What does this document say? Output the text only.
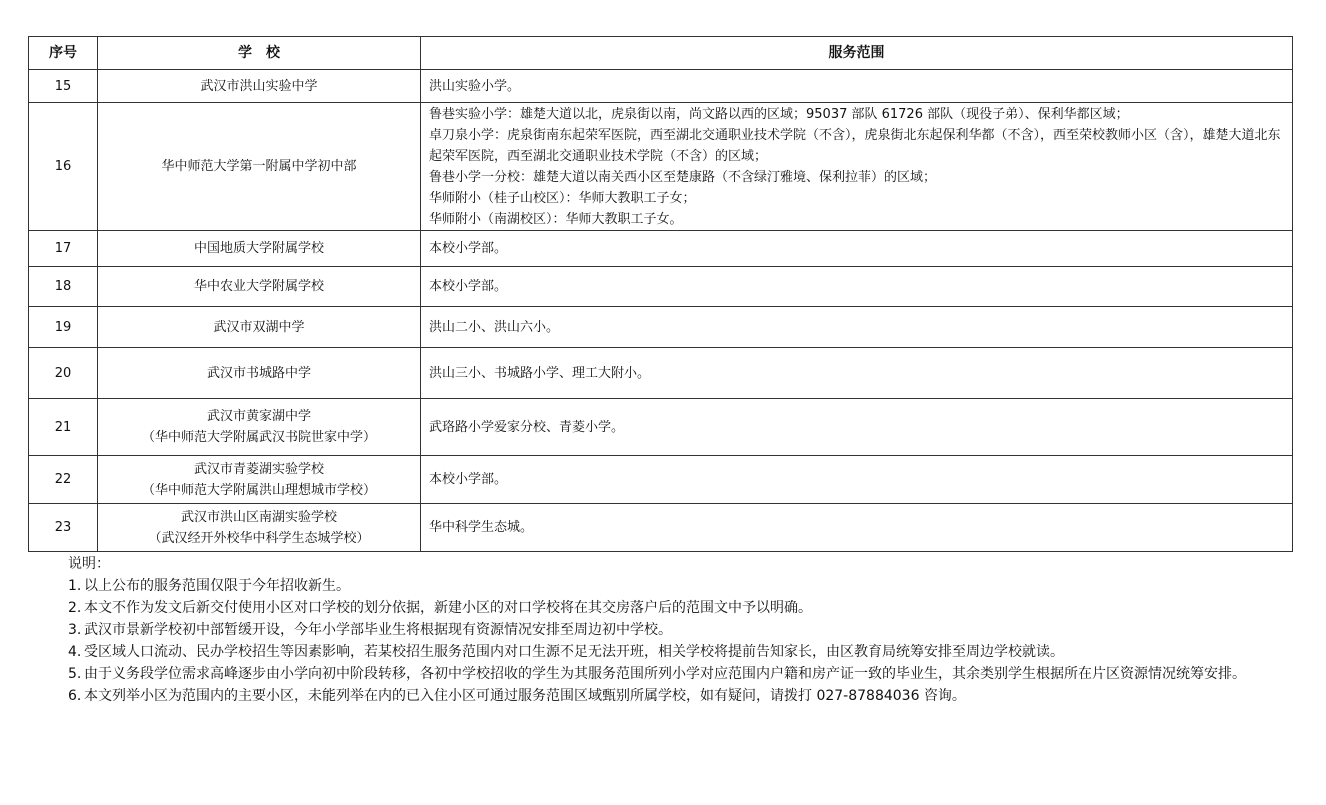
序号	学　校	服务范围
15	武汉市洪山实验中学	洪山实验小学。

16	华中师范大学第一附属中学初中部	鲁巷实验小学：雄楚大道以北，虎泉街以南，尚文路以西的区域；95037 部队 61726 部队（现役子弟）、保利华都区域；
卓刀泉小学：虎泉街南东起荣军医院，西至湖北交通职业技术学院（不含），虎泉街北东起保利华都（不含），西至荣校教师小区（含），雄楚大道北东起荣军医院，西至湖北交通职业技术学院（不含）的区域；
鲁巷小学一分校：雄楚大道以南关西小区至楚康路（不含绿汀雅境、保利拉菲）的区域；
华师附小（桂子山校区）：华师大教职工子女；
华师附小（南湖校区）：华师大教职工子女。

17	中国地质大学附属学校	本校小学部。

18	华中农业大学附属学校	本校小学部。

19	武汉市双湖中学	洪山二小、洪山六小。

20	武汉市书城路中学	洪山三小、书城路小学、理工大附小。

21	武汉市黄家湖中学
（华中师范大学附属武汉书院世家中学）	武珞路小学爱家分校、青菱小学。

22	武汉市青菱湖实验学校
（华中师范大学附属洪山理想城市学校）	本校小学部。

23	武汉市洪山区南湖实验学校
（武汉经开外校华中科学生态城学校）	华中科学生态城。
说明：
1. 以上公布的服务范围仅限于今年招收新生。
2. 本文不作为发文后新交付使用小区对口学校的划分依据，新建小区的对口学校将在其交房落户后的范围文中予以明确。
3. 武汉市景新学校初中部暂缓开设，今年小学部毕业生将根据现有资源情况安排至周边初中学校。
4. 受区域人口流动、民办学校招生等因素影响，若某校招生服务范围内对口生源不足无法开班，相关学校将提前告知家长，由区教育局统筹安排至周边学校就读。
5. 由于义务段学位需求高峰逐步由小学向初中阶段转移，各初中学校招收的学生为其服务范围所列小学对应范围内户籍和房产证一致的毕业生，其余类别学生根据所在片区资源情况统筹安排。
6. 本文列举小区为范围内的主要小区，未能列举在内的已入住小区可通过服务范围区域甄别所属学校，如有疑问，请拨打 027-87884036 咨询。
